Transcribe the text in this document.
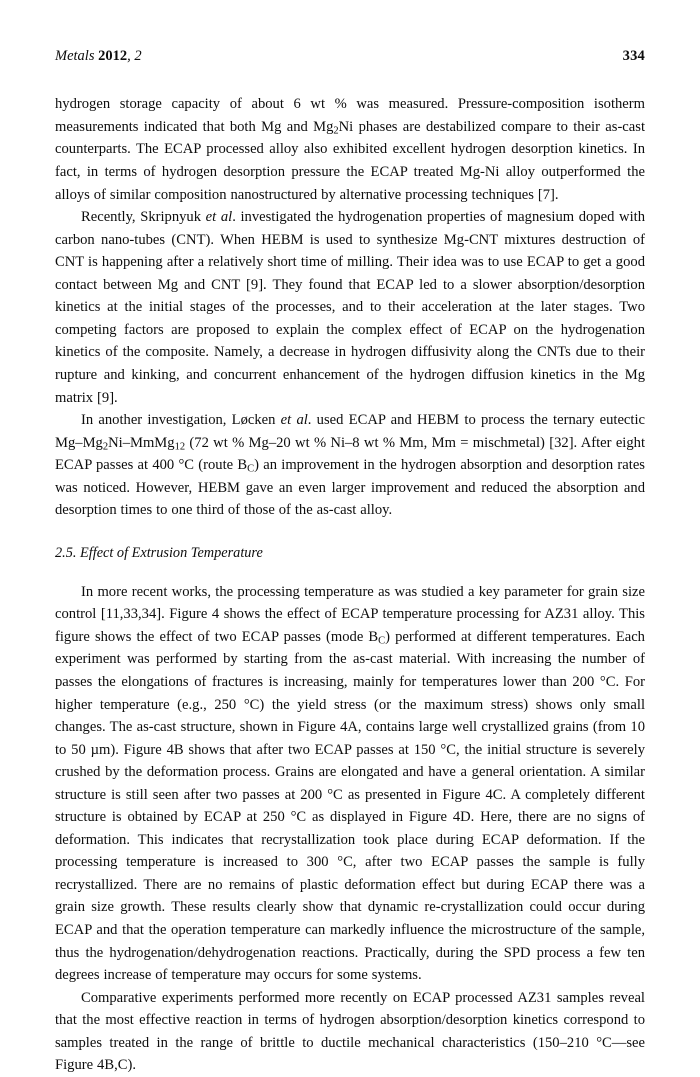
Metals 2012, 2	334

hydrogen storage capacity of about 6 wt % was measured. Pressure-composition isotherm measurements indicated that both Mg and $Mg_2Ni$ phases are destabilized compare to their as-cast counterparts. The ECAP processed alloy also exhibited excellent hydrogen desorption kinetics. In fact, in terms of hydrogen desorption pressure the ECAP treated Mg-Ni alloy outperformed the alloys of similar composition nanostructured by alternative processing techniques [7].

Recently, Skripnyuk et al. investigated the hydrogenation properties of magnesium doped with carbon nano-tubes (CNT). When HEBM is used to synthesize Mg-CNT mixtures destruction of CNT is happening after a relatively short time of milling. Their idea was to use ECAP to get a good contact between Mg and CNT [9]. They found that ECAP led to a slower absorption/desorption kinetics at the initial stages of the processes, and to their acceleration at the later stages. Two competing factors are proposed to explain the complex effect of ECAP on the hydrogenation kinetics of the composite. Namely, a decrease in hydrogen diffusivity along the CNTs due to their rupture and kinking, and concurrent enhancement of the hydrogen diffusion kinetics in the Mg matrix [9].

In another investigation, Løcken et al. used ECAP and HEBM to process the ternary eutectic $Mg-Mg_2Ni-MmMg_{12}$ (72 wt % Mg–20 wt % Ni–8 wt % Mm, Mm = mischmetal) [32]. After eight ECAP passes at 400 °C (route $B_C$) an improvement in the hydrogen absorption and desorption rates was noticed. However, HEBM gave an even larger improvement and reduced the absorption and desorption times to one third of those of the as-cast alloy.

2.5. Effect of Extrusion Temperature

In more recent works, the processing temperature as was studied a key parameter for grain size control [11,33,34]. Figure 4 shows the effect of ECAP temperature processing for AZ31 alloy. This figure shows the effect of two ECAP passes (mode $B_C$) performed at different temperatures. Each experiment was performed by starting from the as-cast material. With increasing the number of passes the elongations of fractures is increasing, mainly for temperatures lower than 200 °C. For higher temperature (e.g., 250 °C) the yield stress (or the maximum stress) shows only small changes. The as-cast structure, shown in Figure 4A, contains large well crystallized grains (from 10 to 50 µm). Figure 4B shows that after two ECAP passes at 150 °C, the initial structure is severely crushed by the deformation process. Grains are elongated and have a general orientation. A similar structure is still seen after two passes at 200 °C as presented in Figure 4C. A completely different structure is obtained by ECAP at 250 °C as displayed in Figure 4D. Here, there are no signs of deformation. This indicates that recrystallization took place during ECAP deformation. If the processing temperature is increased to 300 °C, after two ECAP passes the sample is fully recrystallized. There are no remains of plastic deformation effect but during ECAP there was a grain size growth. These results clearly show that dynamic re-crystallization could occur during ECAP and that the operation temperature can markedly influence the microstructure of the sample, thus the hydrogenation/dehydrogenation reactions. Practically, during the SPD process a few ten degrees increase of temperature may occurs for some systems.

Comparative experiments performed more recently on ECAP processed AZ31 samples reveal that the most effective reaction in terms of hydrogen absorption/desorption kinetics correspond to samples treated in the range of brittle to ductile mechanical characteristics (150–210 °C—see Figure 4B,C).
